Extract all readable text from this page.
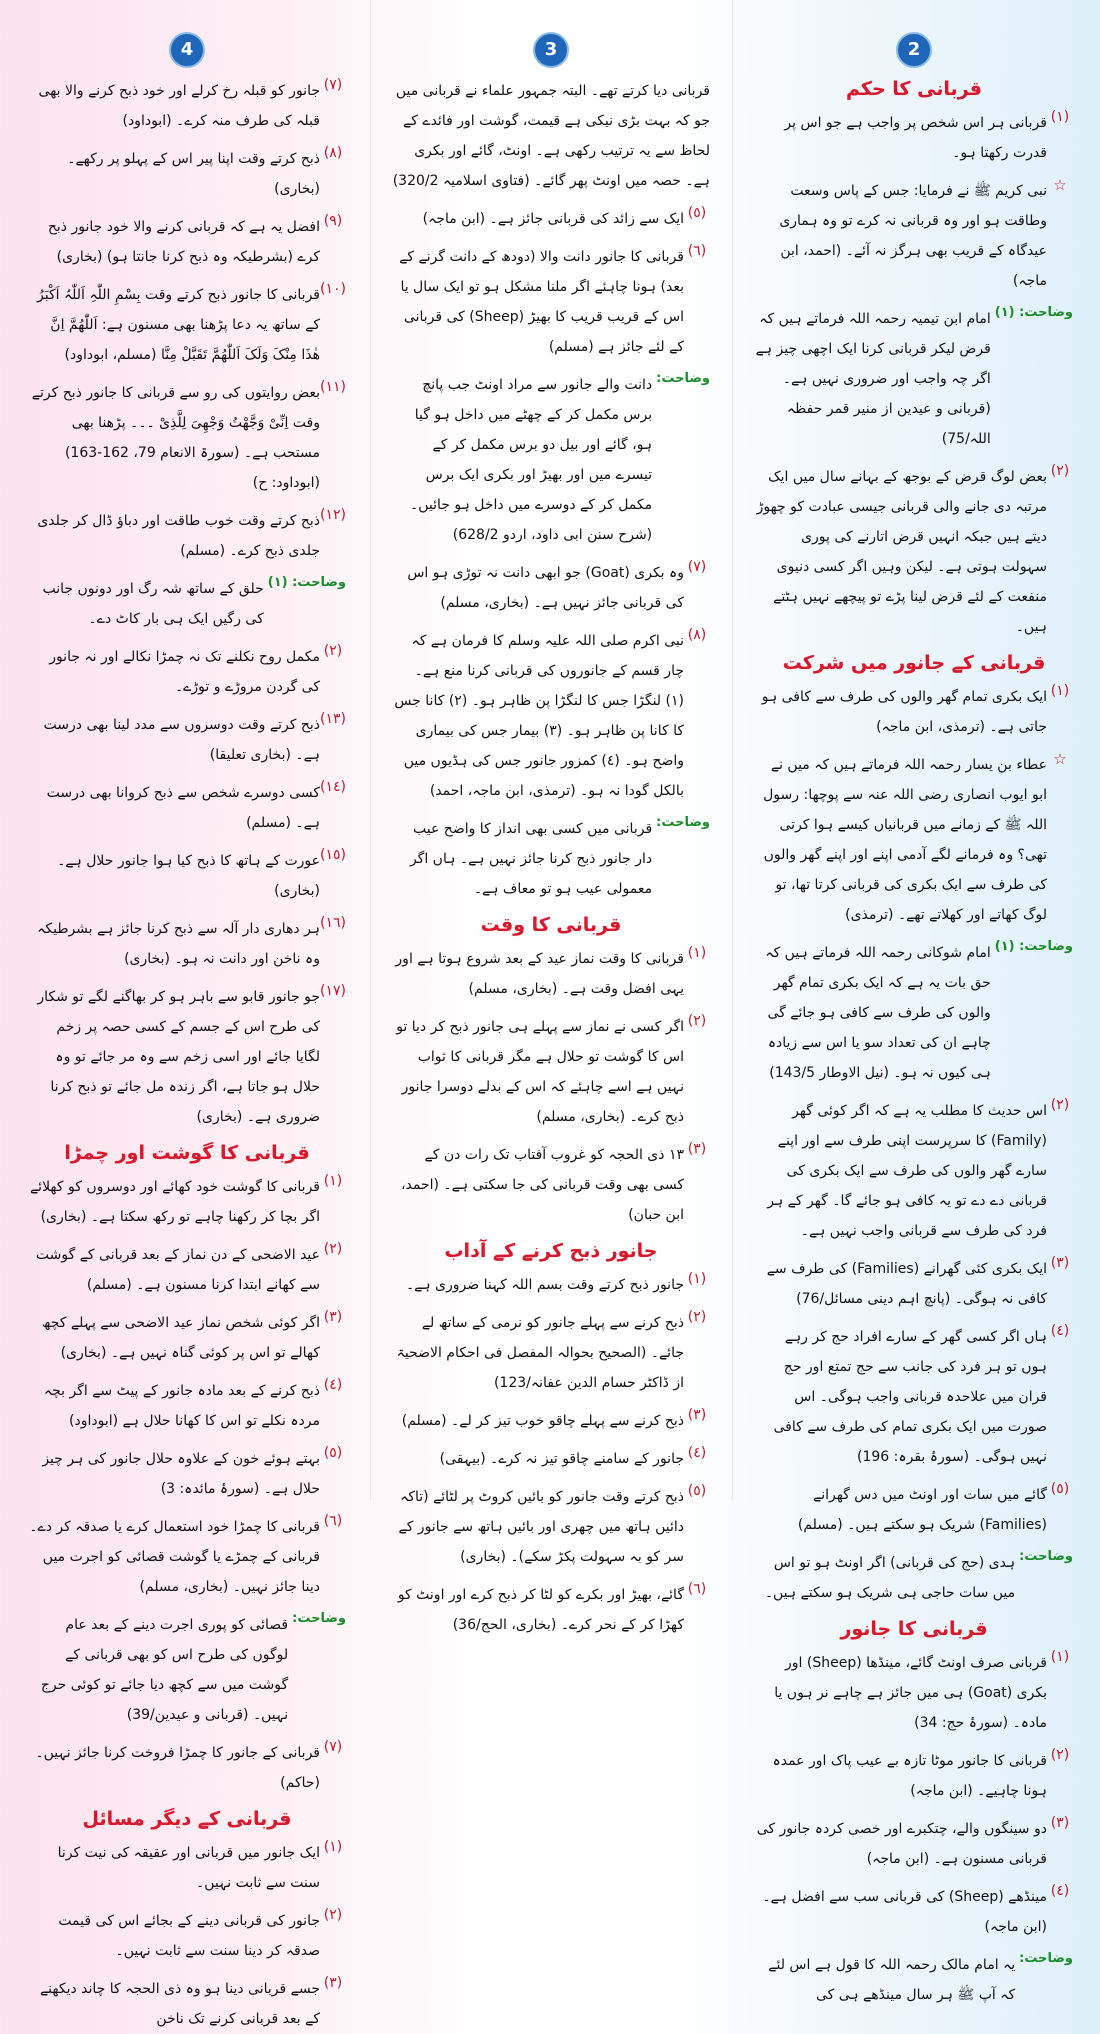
2
قربانی کا حکم
(١)
قربانی ہر اس شخص پر واجب ہے جو اس پر قدرت رکھتا ہو۔
☆
نبی کریم ﷺ نے فرمایا: جس کے پاس وسعت وطاقت ہو اور وہ قربانی نہ کرے تو وہ ہماری عیدگاہ کے قریب بھی ہرگز نہ آئے۔ (احمد، ابن ماجہ)
وضاحت: (١)
امام ابن تیمیہ رحمہ اللہ فرماتے ہیں کہ قرض لیکر قربانی کرنا ایک اچھی چیز ہے اگر چہ واجب اور ضروری نہیں ہے۔ (قربانی و عیدین از منیر قمر حفظہ اللہ/75)
(٢)
بعض لوگ قرض کے بوجھ کے بہانے سال میں ایک مرتبہ دی جانے والی قربانی جیسی عبادت کو چھوڑ دیتے ہیں جبکہ انہیں قرض اتارنے کی پوری سہولت ہوتی ہے۔ لیکن وہیں اگر کسی دنیوی منفعت کے لئے قرض لینا پڑے تو پیچھے نہیں ہٹتے ہیں۔
قربانی کے جانور میں شرکت
(١)
ایک بکری تمام گھر والوں کی طرف سے کافی ہو جاتی ہے۔ (ترمذی، ابن ماجہ)
☆
عطاء بن یسار رحمہ اللہ فرماتے ہیں کہ میں نے ابو ایوب انصاری رضی اللہ عنہ سے پوچھا: رسول اللہ ﷺ کے زمانے میں قربانیاں کیسے ہوا کرتی تھی؟ وہ فرمانے لگے آدمی اپنے اور اپنے گھر والوں کی طرف سے ایک بکری کی قربانی کرتا تھا، تو لوگ کھاتے اور کھلاتے تھے۔ (ترمذی)
وضاحت: (١)
امام شوکانی رحمہ اللہ فرماتے ہیں کہ حق بات یہ ہے کہ ایک بکری تمام گھر والوں کی طرف سے کافی ہو جائے گی چاہے ان کی تعداد سو یا اس سے زیادہ ہی کیوں نہ ہو۔ (نیل الاوطار 143/5)
(٢)
اس حدیث کا مطلب یہ ہے کہ اگر کوئی گھر (Family) کا سرپرست اپنی طرف سے اور اپنے سارے گھر والوں کی طرف سے ایک بکری کی قربانی دے دے تو یہ کافی ہو جائے گا۔ گھر کے ہر فرد کی طرف سے قربانی واجب نہیں ہے۔
(٣)
ایک بکری کئی گھرانے (Families) کی طرف سے کافی نہ ہوگی۔ (پانچ اہم دینی مسائل/76)
(٤)
ہاں اگر کسی گھر کے سارے افراد حج کر رہے ہوں تو ہر فرد کی جانب سے حج تمتع اور حج قران میں علاحدہ قربانی واجب ہوگی۔ اس صورت میں ایک بکری تمام کی طرف سے کافی نہیں ہوگی۔ (سورۂ بقرہ: 196)
(٥)
گائے میں سات اور اونٹ میں دس گھرانے (Families) شریک ہو سکتے ہیں۔ (مسلم)
وضاحت:
ہدی (حج کی قربانی) اگر اونٹ ہو تو اس میں سات حاجی ہی شریک ہو سکتے ہیں۔
قربانی کا جانور
(١)
قربانی صرف اونٹ گائے، مینڈھا (Sheep) اور بکری (Goat) ہی میں جائز ہے چاہے نر ہوں یا مادہ۔ (سورۂ حج: 34)
(٢)
قربانی کا جانور موٹا تازہ بے عیب پاک اور عمدہ ہونا چاہیے۔ (ابن ماجہ)
(٣)
دو سینگوں والے، چتکبرے اور خصی کردہ جانور کی قربانی مسنون ہے۔ (ابن ماجہ)
(٤)
مینڈھے (Sheep) کی قربانی سب سے افضل ہے۔ (ابن ماجہ)
وضاحت:
یہ امام مالک رحمہ اللہ کا قول ہے اس لئے کہ آپ ﷺ ہر سال مینڈھے ہی کی
3
قربانی دیا کرتے تھے۔ البتہ جمہور علماء نے قربانی میں جو کہ بہت بڑی نیکی ہے قیمت، گوشت اور فائدے کے لحاظ سے یہ ترتیب رکھی ہے۔ اونٹ، گائے اور بکری ہے۔ حصہ میں اونٹ پھر گائے۔ (فتاوی اسلامیہ 320/2)
(٥)
ایک سے زائد کی قربانی جائز ہے۔ (ابن ماجہ)
(٦)
قربانی کا جانور دانت والا (دودھ کے دانت گرنے کے بعد) ہونا چاہئے اگر ملنا مشکل ہو تو ایک سال یا اس کے قریب قریب کا بھیڑ (Sheep) کی قربانی کے لئے جائز ہے (مسلم)
وضاحت:
دانت والے جانور سے مراد اونٹ جب پانچ برس مکمل کر کے چھٹے میں داخل ہو گیا ہو، گائے اور بیل دو برس مکمل کر کے تیسرے میں اور بھیڑ اور بکری ایک برس مکمل کر کے دوسرے میں داخل ہو جائیں۔ (شرح سنن ابی داود، اردو 628/2)
(٧)
وہ بکری (Goat) جو ابھی دانت نہ توڑی ہو اس کی قربانی جائز نہیں ہے۔ (بخاری، مسلم)
(٨)
نبی اکرم صلی اللہ علیہ وسلم کا فرمان ہے کہ چار قسم کے جانوروں کی قربانی کرنا منع ہے۔ (١) لنگڑا جس کا لنگڑا پن ظاہر ہو۔ (٢) کانا جس کا کانا پن ظاہر ہو۔ (٣) بیمار جس کی بیماری واضح ہو۔ (٤) کمزور جانور جس کی ہڈیوں میں بالکل گودا نہ ہو۔ (ترمذی، ابن ماجہ، احمد)
وضاحت:
قربانی میں کسی بھی انداز کا واضح عیب دار جانور ذبح کرنا جائز نہیں ہے۔ ہاں اگر معمولی عیب ہو تو معاف ہے۔
قربانی کا وقت
(١)
قربانی کا وقت نماز عید کے بعد شروع ہوتا ہے اور یہی افضل وقت ہے۔ (بخاری، مسلم)
(٢)
اگر کسی نے نماز سے پہلے ہی جانور ذبح کر دیا تو اس کا گوشت تو حلال ہے مگر قربانی کا ثواب نہیں ہے اسے چاہئے کہ اس کے بدلے دوسرا جانور ذبح کرے۔ (بخاری، مسلم)
(٣)
۱۳ ذی الحجہ کو غروب آفتاب تک رات دن کے کسی بھی وقت قربانی کی جا سکتی ہے۔ (احمد، ابن حبان)
جانور ذبح کرنے کے آداب
(١)
جانور ذبح کرتے وقت بسم اللہ کہنا ضروری ہے۔
(٢)
ذبح کرنے سے پہلے جانور کو نرمی کے ساتھ لے جائے۔ (الصحیح بحوالہ المفصل فی احکام الاضحیۃ از ڈاکٹر حسام الدین عفانہ/123)
(٣)
ذبح کرنے سے پہلے چاقو خوب تیز کر لے۔ (مسلم)
(٤)
جانور کے سامنے چاقو تیز نہ کرے۔ (بیہقی)
(٥)
ذبح کرتے وقت جانور کو بائیں کروٹ پر لٹائے (تاکہ دائیں ہاتھ میں چھری اور بائیں ہاتھ سے جانور کے سر کو بہ سہولت پکڑ سکے)۔ (بخاری)
(٦)
گائے، بھیڑ اور بکرے کو لٹا کر ذبح کرے اور اونٹ کو کھڑا کر کے نحر کرے۔ (بخاری، الحج/36)
4
(٧)
جانور کو قبلہ رخ کرلے اور خود ذبح کرنے والا بھی قبلہ کی طرف منہ کرے۔ (ابوداود)
(٨)
ذبح کرتے وقت اپنا پیر اس کے پہلو پر رکھے۔ (بخاری)
(٩)
افضل یہ ہے کہ قربانی کرنے والا خود جانور ذبح کرے (بشرطیکہ وہ ذبح کرنا جانتا ہو) (بخاری)
(١٠)
قربانی کا جانور ذبح کرتے وقت بِسْمِ اللّٰہِ اَللّٰہُ اَکْبَرُ کے ساتھ یہ دعا پڑھنا بھی مسنون ہے: اَللّٰھُمَّ اِنَّ ھٰذَا مِنْکَ وَلَکَ اَللّٰھُمَّ تَقَبَّلْ مِنَّا (مسلم، ابوداود)
(١١)
بعض روایتوں کی رو سے قربانی کا جانور ذبح کرتے وقت اِنِّیْ وَجَّھْتُ وَجْھِیَ لِلَّذِیْ ۔۔۔ پڑھنا بھی مستحب ہے۔ (سورۃ الانعام 79، 162-163)(ابوداود: ح)
(١٢)
ذبح کرتے وقت خوب طاقت اور دباؤ ڈال کر جلدی جلدی ذبح کرے۔ (مسلم)
وضاحت: (١)
حلق کے ساتھ شہ رگ اور دونوں جانب کی رگیں ایک ہی بار کاٹ دے۔
(٢)
مکمل روح نکلنے تک نہ چمڑا نکالے اور نہ جانور کی گردن مروڑے و توڑے۔
(١٣)
ذبح کرتے وقت دوسروں سے مدد لینا بھی درست ہے۔ (بخاری تعلیقا)
(١٤)
کسی دوسرے شخص سے ذبح کروانا بھی درست ہے۔ (مسلم)
(١٥)
عورت کے ہاتھ کا ذبح کیا ہوا جانور حلال ہے۔ (بخاری)
(١٦)
ہر دھاری دار آلہ سے ذبح کرنا جائز ہے بشرطیکہ وہ ناخن اور دانت نہ ہو۔ (بخاری)
(١٧)
جو جانور قابو سے باہر ہو کر بھاگنے لگے تو شکار کی طرح اس کے جسم کے کسی حصہ پر زخم لگایا جائے اور اسی زخم سے وہ مر جائے تو وہ حلال ہو جاتا ہے، اگر زندہ مل جائے تو ذبح کرنا ضروری ہے۔ (بخاری)
قربانی کا گوشت اور چمڑا
(١)
قربانی کا گوشت خود کھائے اور دوسروں کو کھلائے اگر بچا کر رکھنا چاہے تو رکھ سکتا ہے۔ (بخاری)
(٢)
عید الاضحی کے دن نماز کے بعد قربانی کے گوشت سے کھانے ابتدا کرنا مسنون ہے۔ (مسلم)
(٣)
اگر کوئی شخص نماز عید الاضحی سے پہلے کچھ کھالے تو اس پر کوئی گناہ نہیں ہے۔ (بخاری)
(٤)
ذبح کرنے کے بعد مادہ جانور کے پیٹ سے اگر بچہ مردہ نکلے تو اس کا کھانا حلال ہے (ابوداود)
(٥)
بہتے ہوئے خون کے علاوہ حلال جانور کی ہر چیز حلال ہے۔ (سورۂ مائدہ: 3)
(٦)
قربانی کا چمڑا خود استعمال کرے یا صدقہ کر دے۔ قربانی کے چمڑے یا گوشت قصائی کو اجرت میں دینا جائز نہیں۔ (بخاری، مسلم)
وضاحت:
قصائی کو پوری اجرت دینے کے بعد عام لوگوں کی طرح اس کو بھی قربانی کے گوشت میں سے کچھ دیا جائے تو کوئی حرج نہیں۔ (قربانی و عیدین/39)
(٧)
قربانی کے جانور کا چمڑا فروخت کرنا جائز نہیں۔ (حاکم)
قربانی کے دیگر مسائل
(١)
ایک جانور میں قربانی اور عقیقہ کی نیت کرنا سنت سے ثابت نہیں۔
(٢)
جانور کی قربانی دینے کے بجائے اس کی قیمت صدقہ کر دینا سنت سے ثابت نہیں۔
(٣)
جسے قربانی دینا ہو وہ ذی الحجہ کا چاند دیکھنے کے بعد قربانی کرنے تک ناخن
